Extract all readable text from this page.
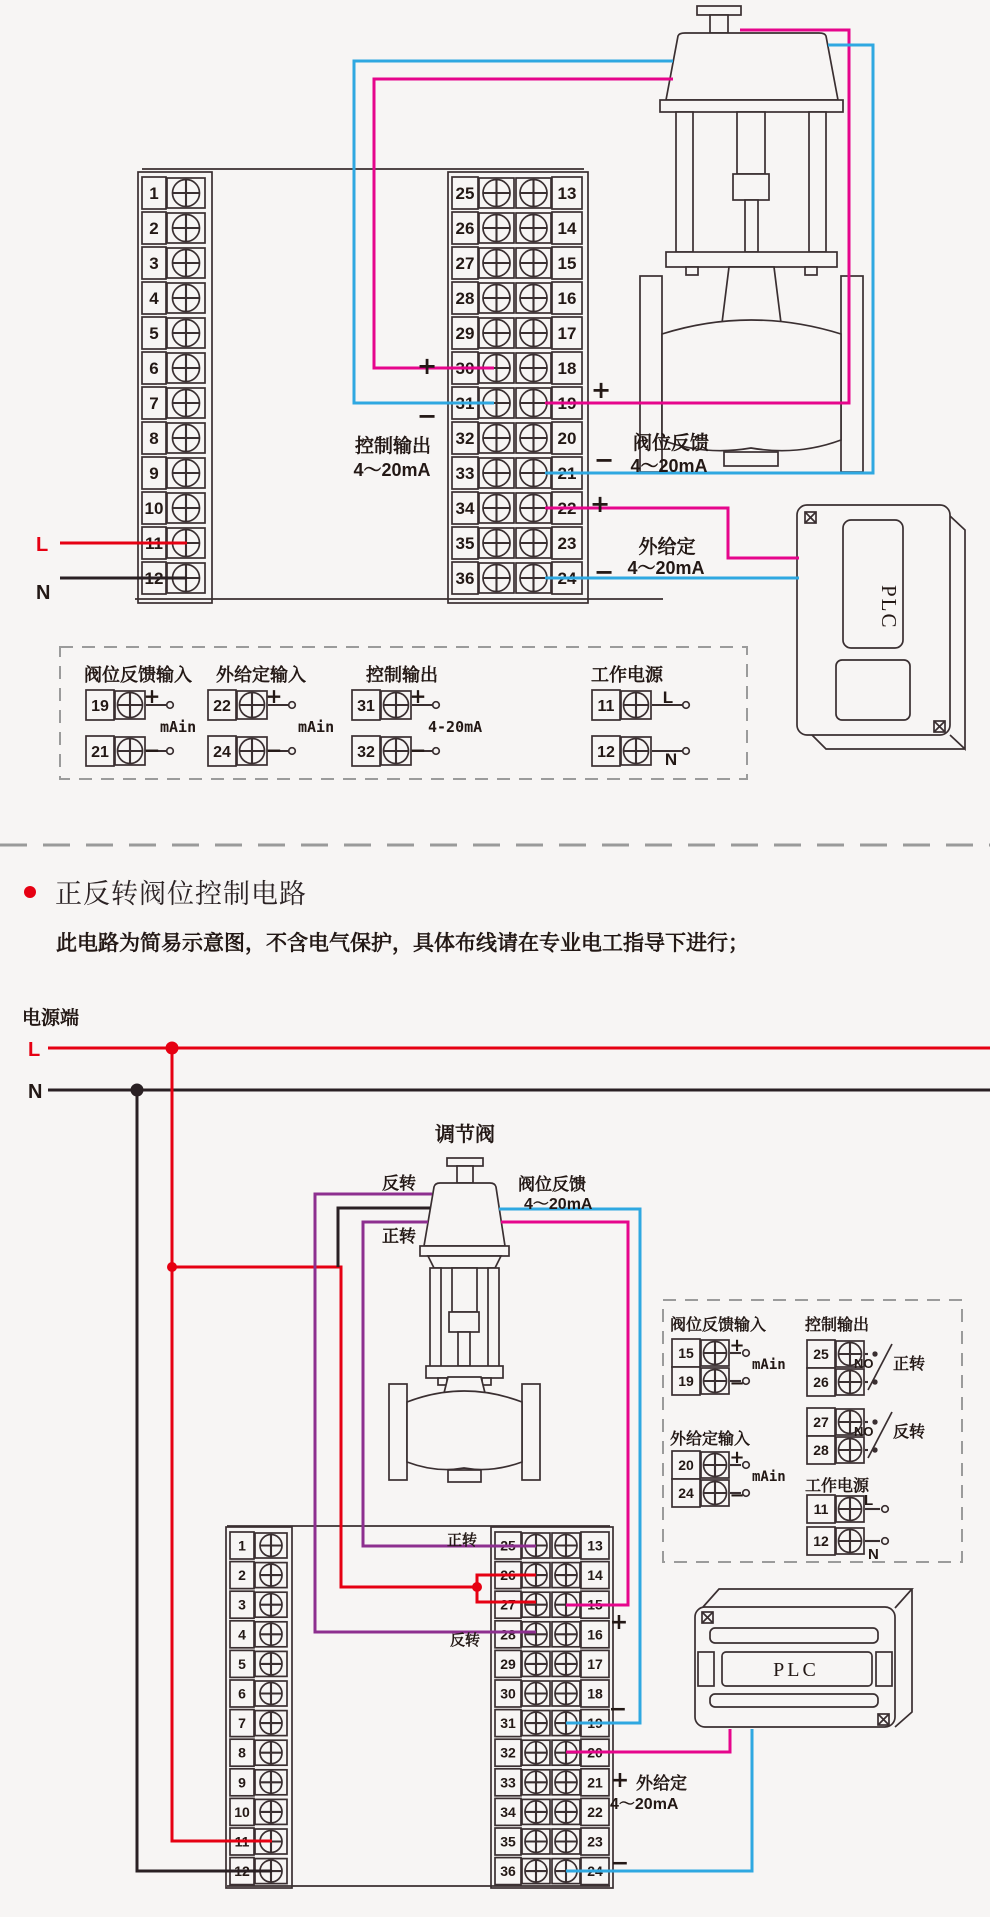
1
2
3
4
5
6
7
8
9
10
11
12
25	13
26	14
27	15
28	16
29	17
30	18
31	19
32	20
33	21
34	22
35	23
36	24
1
2
3
4
5
6
7
8
9
10
11
12
25	13
26	14
27	15
28	16
29	17
30	18
31	19
32	20
33	21
34	22
35	23
36	24
PLC
PLC
19
21
22
24
31
32
11
12
15
19
20
24
25
26
27
28
11
12
+
−
控制输出
4～20mA
+
−
阀位反馈
4～20mA
+
−
外给定
4～20mA
L
N
阀位反馈输入 外给定输入	控制输出	工作电源
+
−
+
−
+
−
L
N
mAin	mAin	4-20mA
电源端
L
N
调节阀
反转
正转
阀位反馈
4～20mA
正转
反转
+
−
+
−
外给定
4～20mA
阀位反馈输入 控制输出
外给定输入
工作电源
+
−
mAin
+
−
mAin
NO
NO
正转
反转
L
N
正反转阀位控制电路
此电路为简易示意图，不含电气保护，具体布线请在专业电工指导下进行；
